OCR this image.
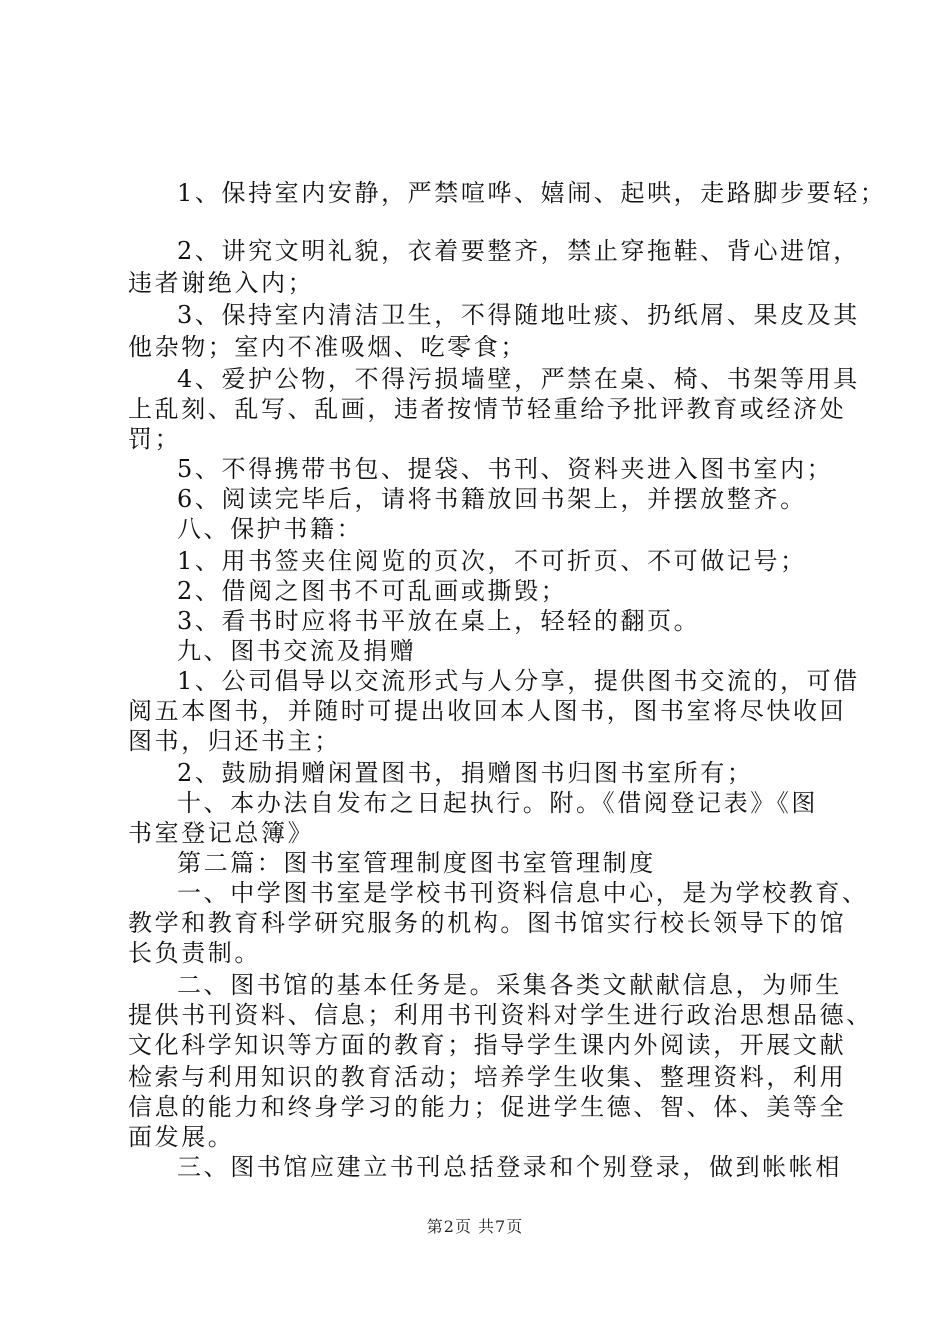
1、保持室内安静，严禁喧哗、嬉闹、起哄，走路脚步要轻；
2、讲究文明礼貌，衣着要整齐，禁止穿拖鞋、背心进馆，
违者谢绝入内；
3、保持室内清洁卫生，不得随地吐痰、扔纸屑、果皮及其
他杂物；室内不准吸烟、吃零食；
4、爱护公物，不得污损墙壁，严禁在桌、椅、书架等用具
上乱刻、乱写、乱画，违者按情节轻重给予批评教育或经济处
罚；
5、不得携带书包、提袋、书刊、资料夹进入图书室内；
6、阅读完毕后，请将书籍放回书架上，并摆放整齐。
八、保护书籍：
1、用书签夹住阅览的页次，不可折页、不可做记号；
2、借阅之图书不可乱画或撕毁；
3、看书时应将书平放在桌上，轻轻的翻页。
九、图书交流及捐赠
1、公司倡导以交流形式与人分享，提供图书交流的，可借
阅五本图书，并随时可提出收回本人图书，图书室将尽快收回
图书，归还书主；
2、鼓励捐赠闲置图书，捐赠图书归图书室所有；
十、本办法自发布之日起执行。附。《借阅登记表》《图
书室登记总簿》
第二篇：图书室管理制度图书室管理制度
一、中学图书室是学校书刊资料信息中心，是为学校教育、
教学和教育科学研究服务的机构。图书馆实行校长领导下的馆
长负责制。
二、图书馆的基本任务是。采集各类文献献信息，为师生
提供书刊资料、信息；利用书刊资料对学生进行政治思想品德、
文化科学知识等方面的教育；指导学生课内外阅读，开展文献
检索与利用知识的教育活动；培养学生收集、整理资料，利用
信息的能力和终身学习的能力；促进学生德、智、体、美等全
面发展。
三、图书馆应建立书刊总括登录和个别登录，做到帐帐相
第2页 共7页
